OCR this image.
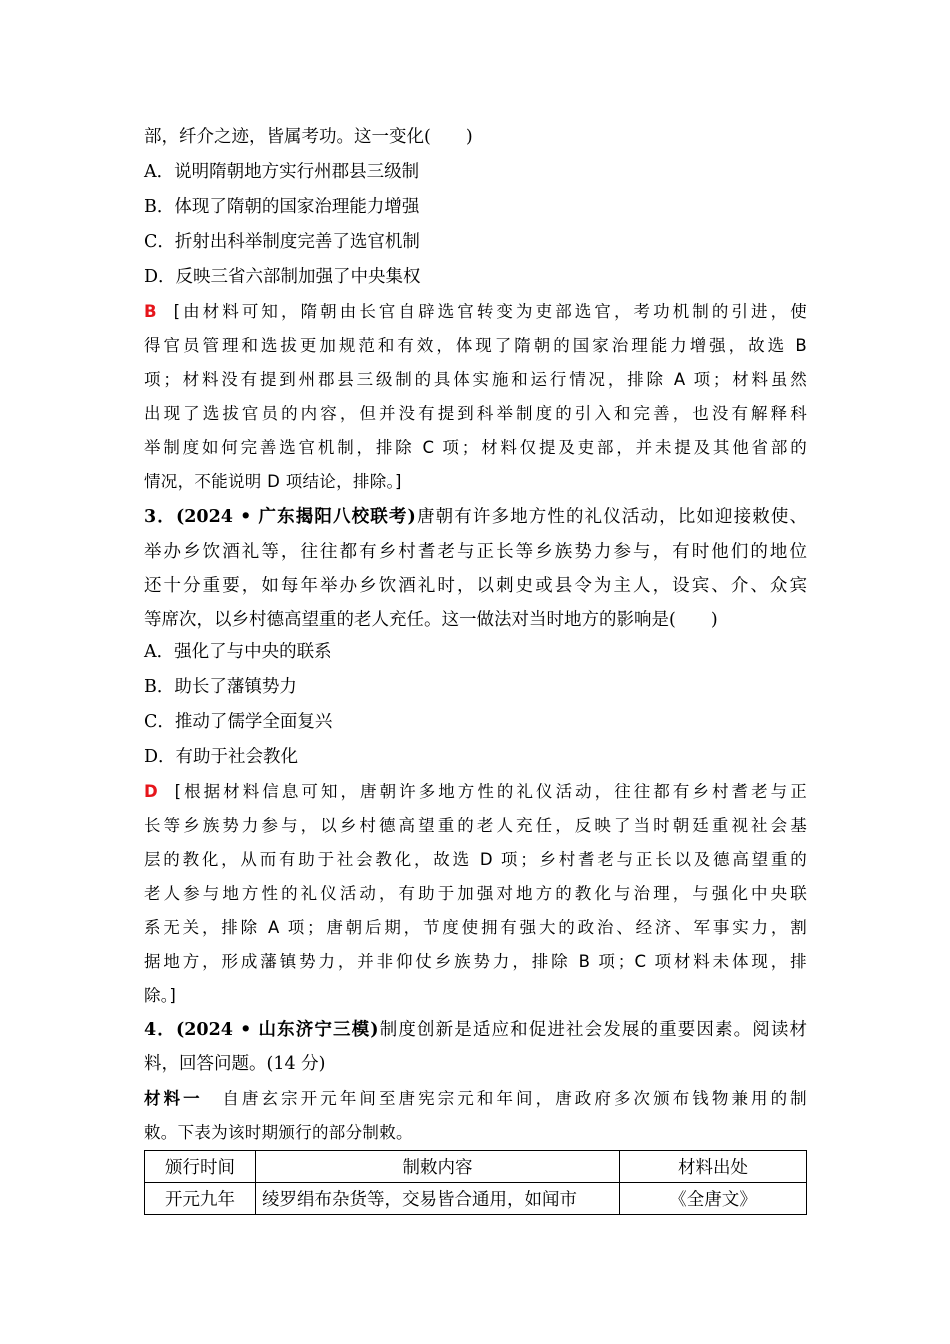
部，纤介之迹，皆属考功。这一变化(　　)
A．说明隋朝地方实行州郡县三级制
B．体现了隋朝的国家治理能力增强
C．折射出科举制度完善了选官机制
D．反映三省六部制加强了中央集权
B [由材料可知，隋朝由长官自辟选官转变为吏部选官，考功机制的引进，使
得官员管理和选拔更加规范和有效，体现了隋朝的国家治理能力增强，故选 B
项；材料没有提到州郡县三级制的具体实施和运行情况，排除 A 项；材料虽然
出现了选拔官员的内容，但并没有提到科举制度的引入和完善，也没有解释科
举制度如何完善选官机制，排除 C 项；材料仅提及吏部，并未提及其他省部的
情况，不能说明 D 项结论，排除。]
3．(2024 • 广东揭阳八校联考)唐朝有许多地方性的礼仪活动，比如迎接敕使、
举办乡饮酒礼等，往往都有乡村耆老与正长等乡族势力参与，有时他们的地位
还十分重要，如每年举办乡饮酒礼时，以刺史或县令为主人，设宾、介、众宾
等席次，以乡村德高望重的老人充任。这一做法对当时地方的影响是(　　)
A．强化了与中央的联系
B．助长了藩镇势力
C．推动了儒学全面复兴
D．有助于社会教化
D [根据材料信息可知，唐朝许多地方性的礼仪活动，往往都有乡村耆老与正
长等乡族势力参与，以乡村德高望重的老人充任，反映了当时朝廷重视社会基
层的教化，从而有助于社会教化，故选 D 项；乡村耆老与正长以及德高望重的
老人参与地方性的礼仪活动，有助于加强对地方的教化与治理，与强化中央联
系无关，排除 A 项；唐朝后期，节度使拥有强大的政治、经济、军事实力，割
据地方，形成藩镇势力，并非仰仗乡族势力，排除 B 项；C 项材料未体现，排
除。]
4．(2024 • 山东济宁三模)制度创新是适应和促进社会发展的重要因素。阅读材
料，回答问题。(14 分)
材料一　自唐玄宗开元年间至唐宪宗元和年间，唐政府多次颁布钱物兼用的制
敕。下表为该时期颁行的部分制敕。
颁行时间	制敕内容	材料出处
开元九年	绫罗绢布杂货等，交易皆合通用，如闻市	《全唐文》
